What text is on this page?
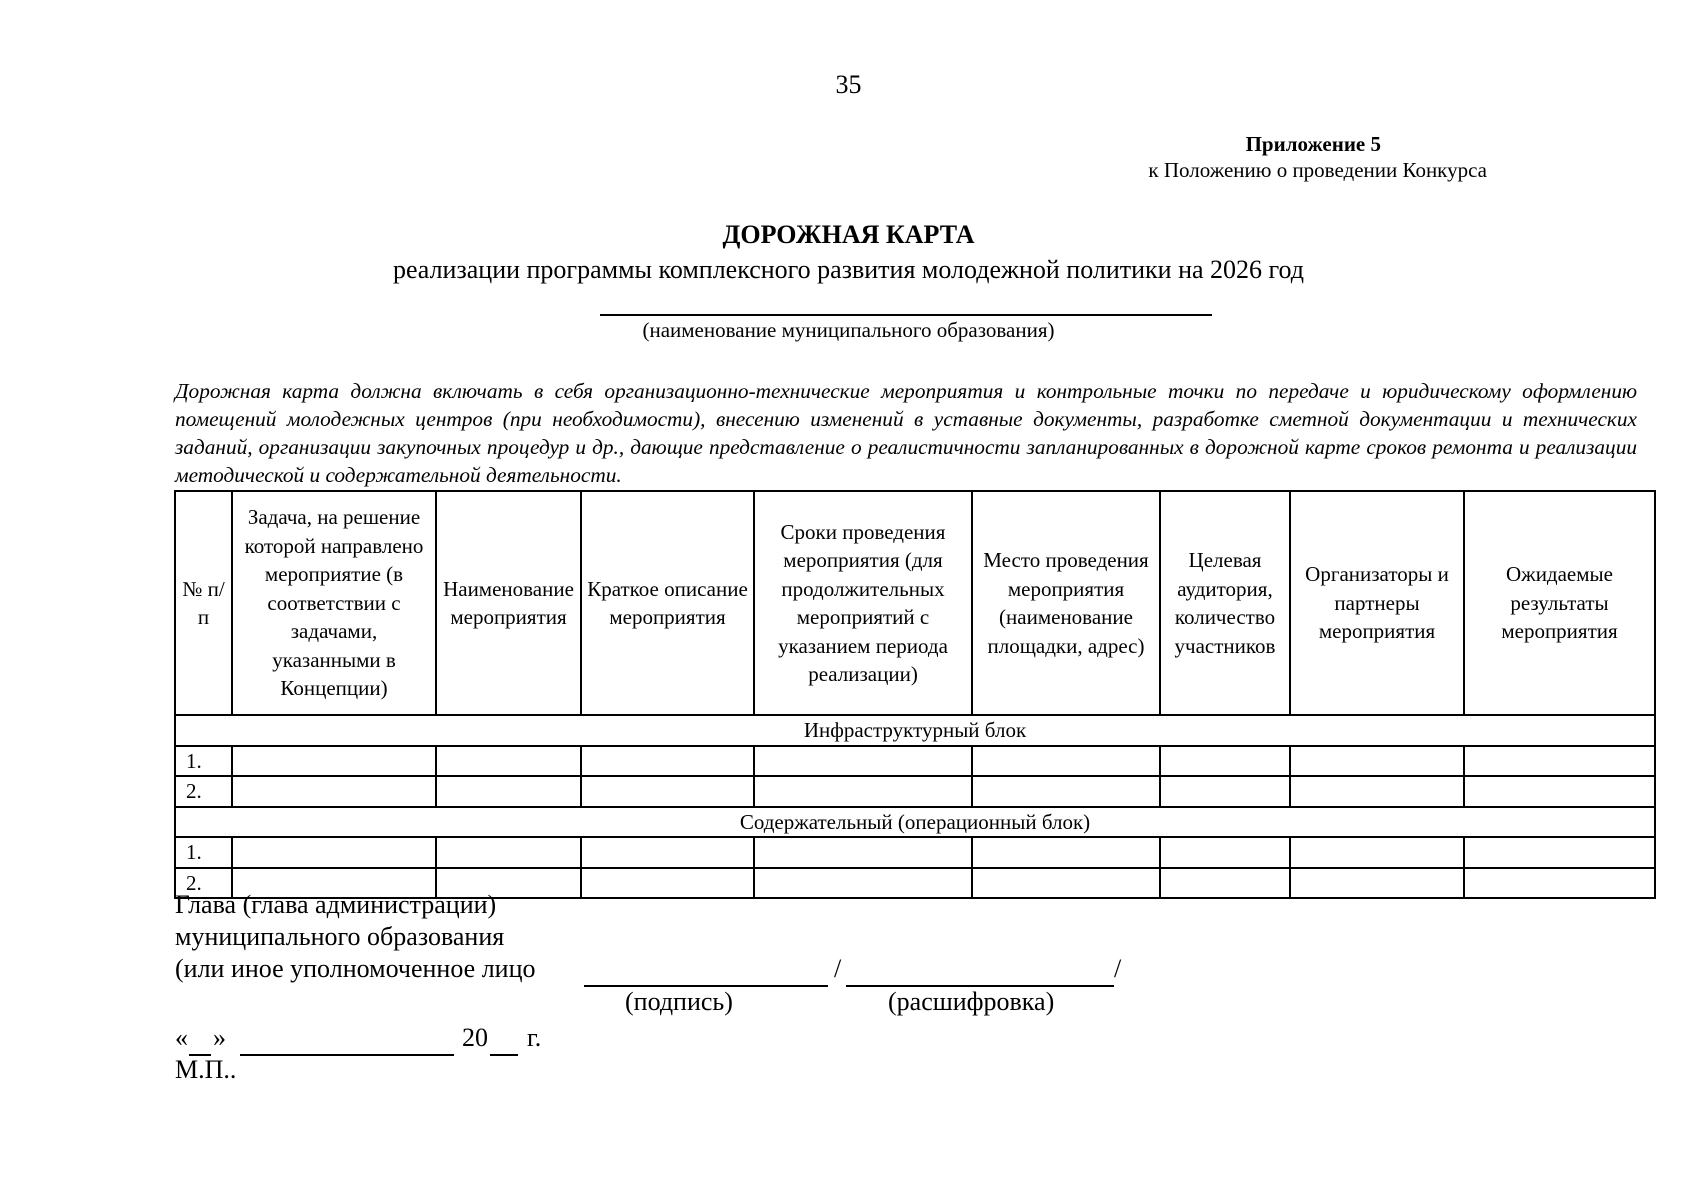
35
Приложение 5
к Положению о проведении Конкурса
ДОРОЖНАЯ КАРТА
реализации программы комплексного развития молодежной политики на 2026 год
(наименование муниципального образования)
Дорожная карта должна включать в себя организационно-технические мероприятия и контрольные точки по передаче и юридическому оформлению помещений молодежных центров (при необходимости), внесению изменений в уставные документы, разработке сметной документации и технических заданий, организации закупочных процедур и др., дающие представление о реалистичности запланированных в дорожной карте сроков ремонта и реализации методической и содержательной деятельности.
№ п/п	Задача, на решение которой направлено мероприятие (в соответствии с задачами, указанными в Концепции)	Наименование мероприятия	Краткое описание мероприятия	Сроки проведения мероприятия (для продолжительных мероприятий с указанием периода реализации)	Место проведения мероприятия (наименование площадки, адрес)	Целевая аудитория, количество участников	Организаторы и партнеры мероприятия	Ожидаемые результаты мероприятия
Инфраструктурный блок								
1.								
2.								
Содержательный (операционный блок)								
1.								
2.								
Глава (глава администрации)
муниципального образования
(или иное уполномоченное лицо	/	/
(подпись)	(расшифровка)
« »	20 г.
М.П..
